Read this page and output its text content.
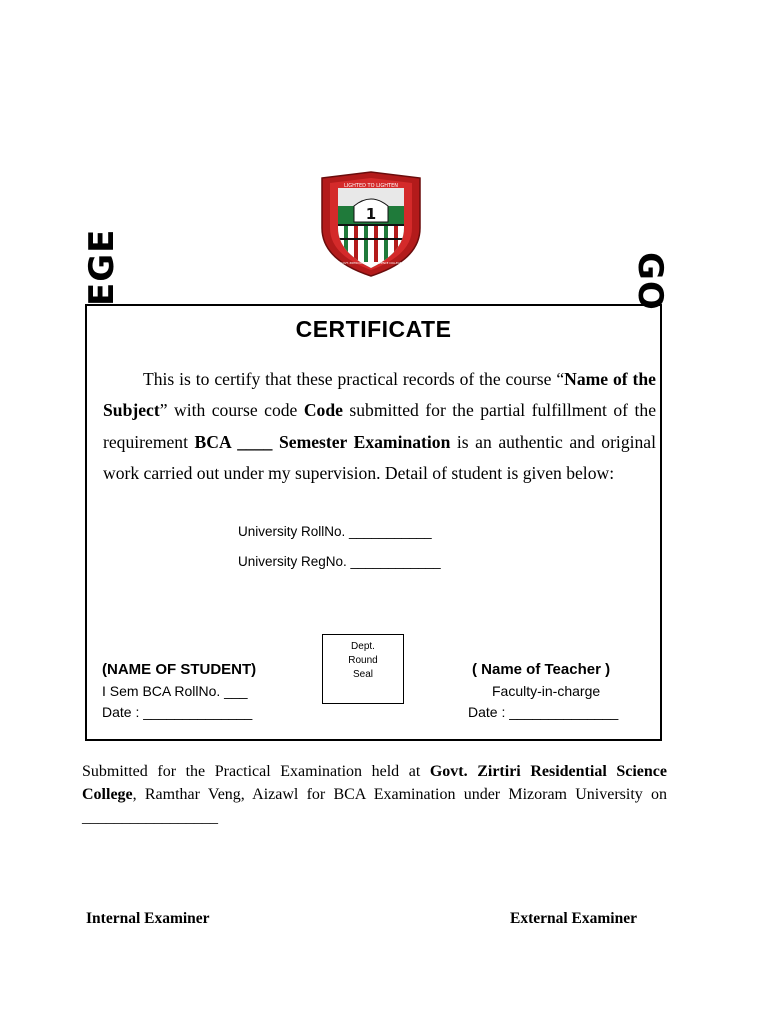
1
LIGHTED TO LIGHTEN
GOVT. ZIRTIRI RESIDENTIAL SCIENCE COLLEGE
EGE	GO
CERTIFICATE
This is to certify that these practical records of the course “Name of the Subject” with course code Code submitted for the partial fulfillment of the requirement BCA ____ Semester Examination is an authentic and original work carried out under my supervision. Detail of student is given below:
University RollNo. ___________
University RegNo. ____________
Dept.
Round
Seal
(NAME OF STUDENT)
I Sem BCA RollNo. ___
Date : ______________
( Name of Teacher )
Faculty-in-charge
Date : ______________
Submitted for the Practical Examination held at Govt. Zirtiri Residential Science College, Ramthar Veng, Aizawl for BCA Examination under Mizoram University on _________________
Internal Examiner	External Examiner
